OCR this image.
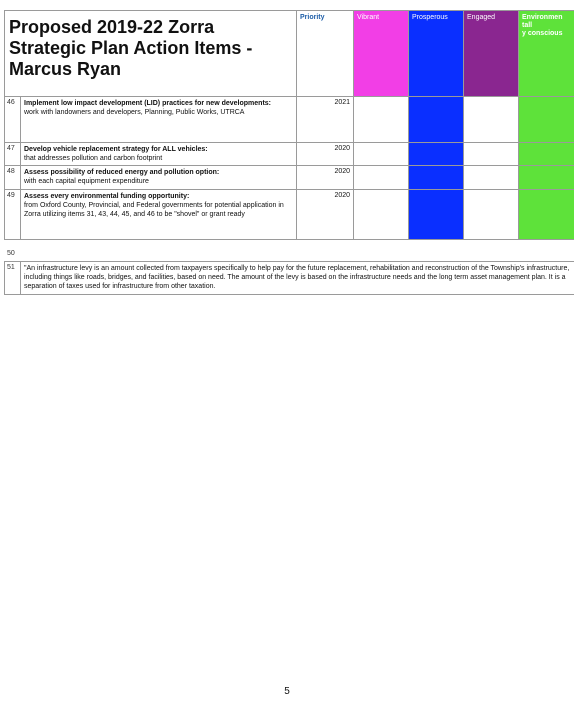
Proposed 2019-22 Zorra Strategic Plan Action Items - Marcus Ryan		Priority	Vibrant	Prosperous	Engaged	Environmen
tall
y conscious

46	Implement low impact development (LID) practices for new developments:
work with landowners and developers, Planning, Public Works, UTRCA	2021				
47	Develop vehicle replacement strategy for ALL vehicles:
that addresses pollution and carbon footprint	2020				
48	Assess possibility of reduced energy and pollution option:
with each capital equipment expenditure	2020				
49	Assess every environmental funding opportunity:
from Oxford County, Provincial, and Federal governments for potential application in Zorra utilizing items 31, 43, 44, 45, and 46 to be "shovel" or grant ready	2020				
50
51	"An infrastructure levy is an amount collected from taxpayers specifically to help pay for the future replacement, rehabilitation and reconstruction of the Township's infrastructure, including things like roads, bridges, and facilities, based on need. The amount of the levy is based on the infrastructure needs and the long term asset management plan. It is a separation of taxes used for infrastructure from other taxation.
5
